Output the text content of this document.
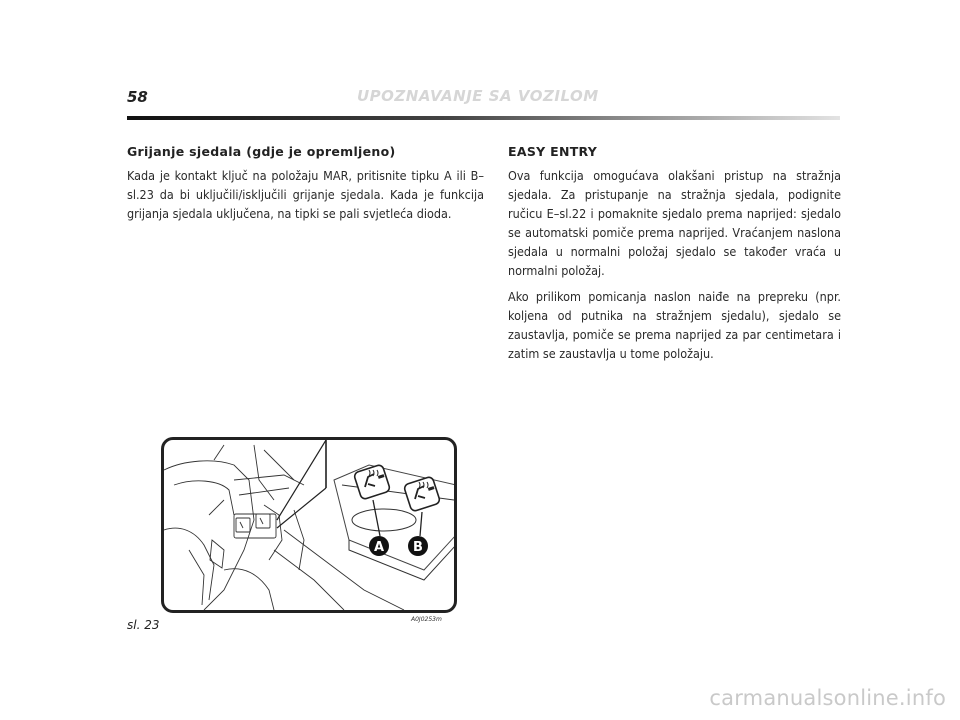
58	UPOZNAVANJE SA VOZILOM
Grijanje sjedala (gdje je opremljeno)

Kada je kontakt ključ na položaju MAR, pritisnite tipku A ili B–sl.23 da bi uključili/isključili grijanje sjedala. Kada je funkcija grijanja sjedala uključena, na tipki se pali svjetleća dioda.

EASY ENTRY

Ova funkcija omogućava olakšani pristup na stražnja sjedala. Za pristupanje na stražnja sjedala, podignite ručicu E–sl.22 i pomaknite sjedalo prema naprijed: sjedalo se automatski pomiče prema naprijed. Vraćanjem naslona sjedala u normalni položaj sjedalo se također vraća u normalni položaj.

Ako prilikom pomicanja naslon naiđe na prepreku (npr. koljena od putnika na stražnjem sjedalu), sjedalo se zaustavlja, pomiče se prema naprijed za par centimetara i zatim se zaustavlja u tome položaju.

A B
sl. 23	A0J0253m
carmanualsonline.info
